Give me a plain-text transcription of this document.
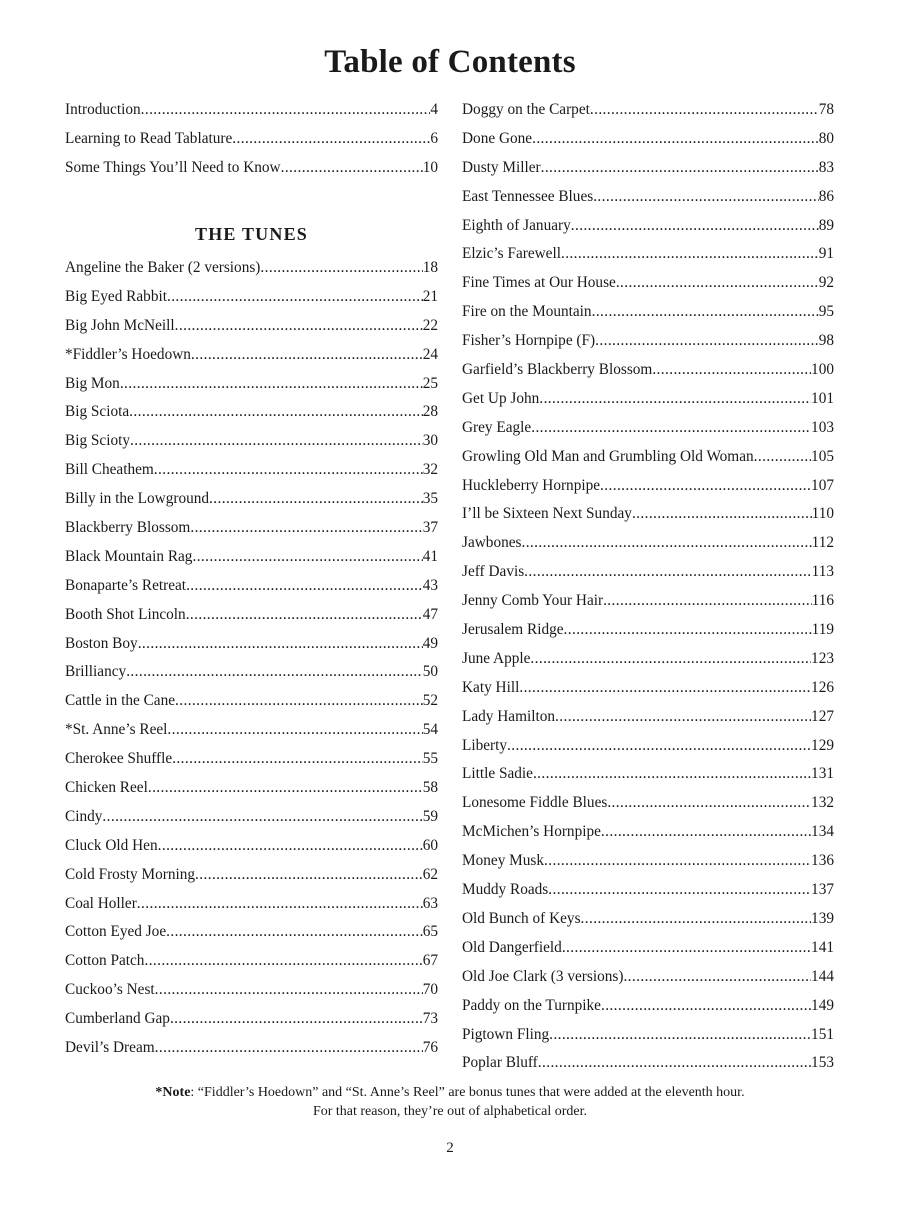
Table of Contents
Introduction .....	4
Learning to Read Tablature .....	6
Some Things You’ll Need to Know .....	10
THE TUNES
Angeline the Baker (2 versions) .....	18
Big Eyed Rabbit .....	21
Big John McNeill .....	22
*Fiddler’s Hoedown .....	24
Big Mon .....	25
Big Sciota .....	28
Big Scioty .....	30
Bill Cheathem .....	32
Billy in the Lowground .....	35
Blackberry Blossom .....	37
Black Mountain Rag .....	41
Bonaparte’s Retreat .....	43
Booth Shot Lincoln .....	47
Boston Boy .....	49
Brilliancy .....	50
Cattle in the Cane .....	52
*St. Anne’s Reel .....	54
Cherokee Shuffle .....	55
Chicken Reel .....	58
Cindy .....	59
Cluck Old Hen .....	60
Cold Frosty Morning .....	62
Coal Holler .....	63
Cotton Eyed Joe .....	65
Cotton Patch .....	67
Cuckoo’s Nest .....	70
Cumberland Gap .....	73
Devil’s Dream .....	76
Doggy on the Carpet .....	78
Done Gone .....	80
Dusty Miller .....	83
East Tennessee Blues .....	86
Eighth of January .....	89
Elzic’s Farewell .....	91
Fine Times at Our House .....	92
Fire on the Mountain .....	95
Fisher’s Hornpipe (F) .....	98
Garfield’s Blackberry Blossom .....	100
Get Up John .....	101
Grey Eagle .....	103
Growling Old Man and Grumbling Old Woman .....	105
Huckleberry Hornpipe .....	107
I’ll be Sixteen Next Sunday .....	110
Jawbones .....	112
Jeff Davis .....	113
Jenny Comb Your Hair .....	116
Jerusalem Ridge .....	119
June Apple .....	123
Katy Hill .....	126
Lady Hamilton .....	127
Liberty .....	129
Little Sadie .....	131
Lonesome Fiddle Blues .....	132
McMichen’s Hornpipe .....	134
Money Musk .....	136
Muddy Roads .....	137
Old Bunch of Keys .....	139
Old Dangerfield .....	141
Old Joe Clark (3 versions) .....	144
Paddy on the Turnpike .....	149
Pigtown Fling .....	151
Poplar Bluff .....	153
*Note: “Fiddler’s Hoedown” and “St. Anne’s Reel” are bonus tunes that were added at the eleventh hour.
For that reason, they’re out of alphabetical order.
2
